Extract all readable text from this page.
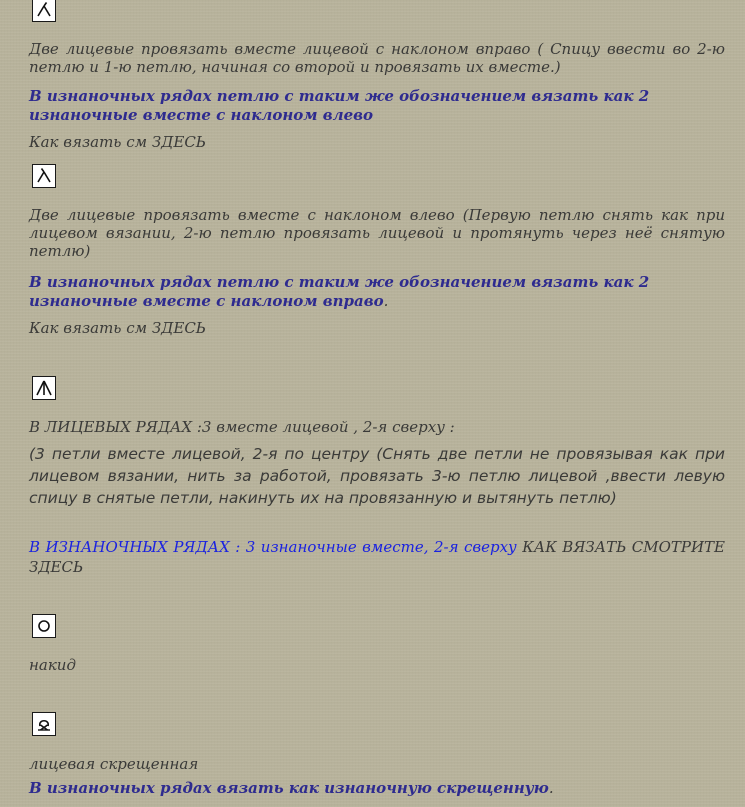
Две лицевые провязать вместе лицевой с наклоном вправо ( Спицу ввести во 2-ю петлю и 1-ю петлю, начиная со второй и провязать их вместе.)

В изнаночных рядах петлю с таким же обозначением вязать как 2 изнаночные вместе с наклоном влево

Как вязать см ЗДЕСЬ

Две лицевые провязать вместе с наклоном влево (Первую петлю снять как при лицевом вязании, 2-ю петлю провязать лицевой и протянуть через неё снятую петлю)

В изнаночных рядах петлю с таким же обозначением вязать как 2 изнаночные вместе с наклоном вправо.

Как вязать см ЗДЕСЬ

В ЛИЦЕВЫХ РЯДАХ :3 вместе лицевой , 2-я сверху :

(3 петли вместе лицевой, 2-я по центру (Снять две петли не провязывая как при лицевом вязании, нить за работой, провязать 3-ю петлю лицевой ,ввести левую спицу в снятые петли, накинуть их на провязанную и вытянуть петлю)

В ИЗНАНОЧНЫХ РЯДАХ : 3 изнаночные вместе, 2-я сверху КАК ВЯЗАТЬ СМОТРИТЕ ЗДЕСЬ

накид

лицевая скрещенная

В изнаночных рядах вязать как изнаночную скрещенную.
